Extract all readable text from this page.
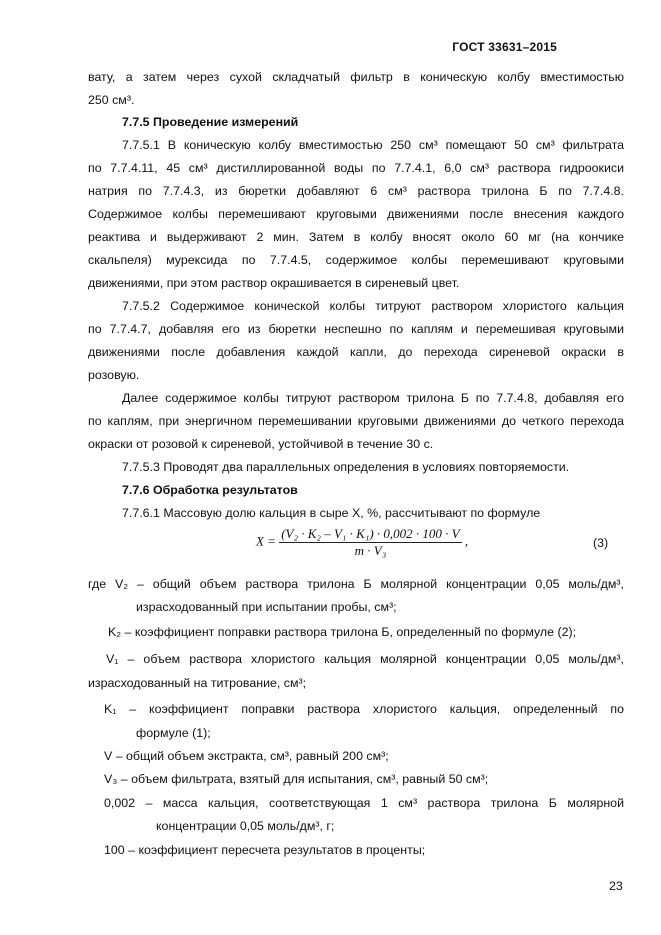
ГОСТ 33631–2015
вату, а затем через сухой складчатый фильтр в коническую колбу вместимостью
250 см³.
7.7.5 Проведение измерений
7.7.5.1 В коническую колбу вместимостью 250 см³ помещают 50 см³ фильтрата
по 7.7.4.11, 45 см³ дистиллированной воды по 7.7.4.1, 6,0 см³ раствора гидроокиси
натрия по 7.7.4.3, из бюретки добавляют 6 см³ раствора трилона Б по 7.7.4.8.
Содержимое колбы перемешивают круговыми движениями после внесения каждого
реактива и выдерживают 2 мин. Затем в колбу вносят около 60 мг (на кончике
скальпеля) мурексида по 7.7.4.5, содержимое колбы перемешивают круговыми
движениями, при этом раствор окрашивается в сиреневый цвет.
7.7.5.2 Содержимое конической колбы титруют раствором хлористого кальция
по 7.7.4.7, добавляя его из бюретки неспешно по каплям и перемешивая круговыми
движениями после добавления каждой капли, до перехода сиреневой окраски в
розовую.
Далее содержимое колбы титруют раствором трилона Б по 7.7.4.8, добавляя его
по каплям, при энергичном перемешивании круговыми движениями до четкого перехода
окраски от розовой к сиреневой, устойчивой в течение 30 с.
7.7.5.3 Проводят два параллельных определения в условиях повторяемости.
7.7.6 Обработка результатов
7.7.6.1 Массовую долю кальция в сыре X, %, рассчитывают по формуле
$X = \frac{\text{(V₂ · K₂ – V₁ · K₁) · 0,002 · 100 · V}}{\text{m · V₃}}$ ,	(3)
где V₂ – общий объем раствора трилона Б молярной концентрации 0,05 моль/дм³,
израсходованный при испытании пробы, см³;
K₂ – коэффициент поправки раствора трилона Б, определенный по формуле (2);
V₁ – объем раствора хлористого кальция молярной концентрации 0,05 моль/дм³,
израсходованный на титрование, см³;
K₁ – коэффициент поправки раствора хлористого кальция, определенный по
формуле (1);
V – общий объем экстракта, см³, равный 200 см³;
V₃ – объем фильтрата, взятый для испытания, см³, равный 50 см³;
0,002 – масса кальция, соответствующая 1 см³ раствора трилона Б молярной
концентрации 0,05 моль/дм³, г;
100 – коэффициент пересчета результатов в проценты;
23
